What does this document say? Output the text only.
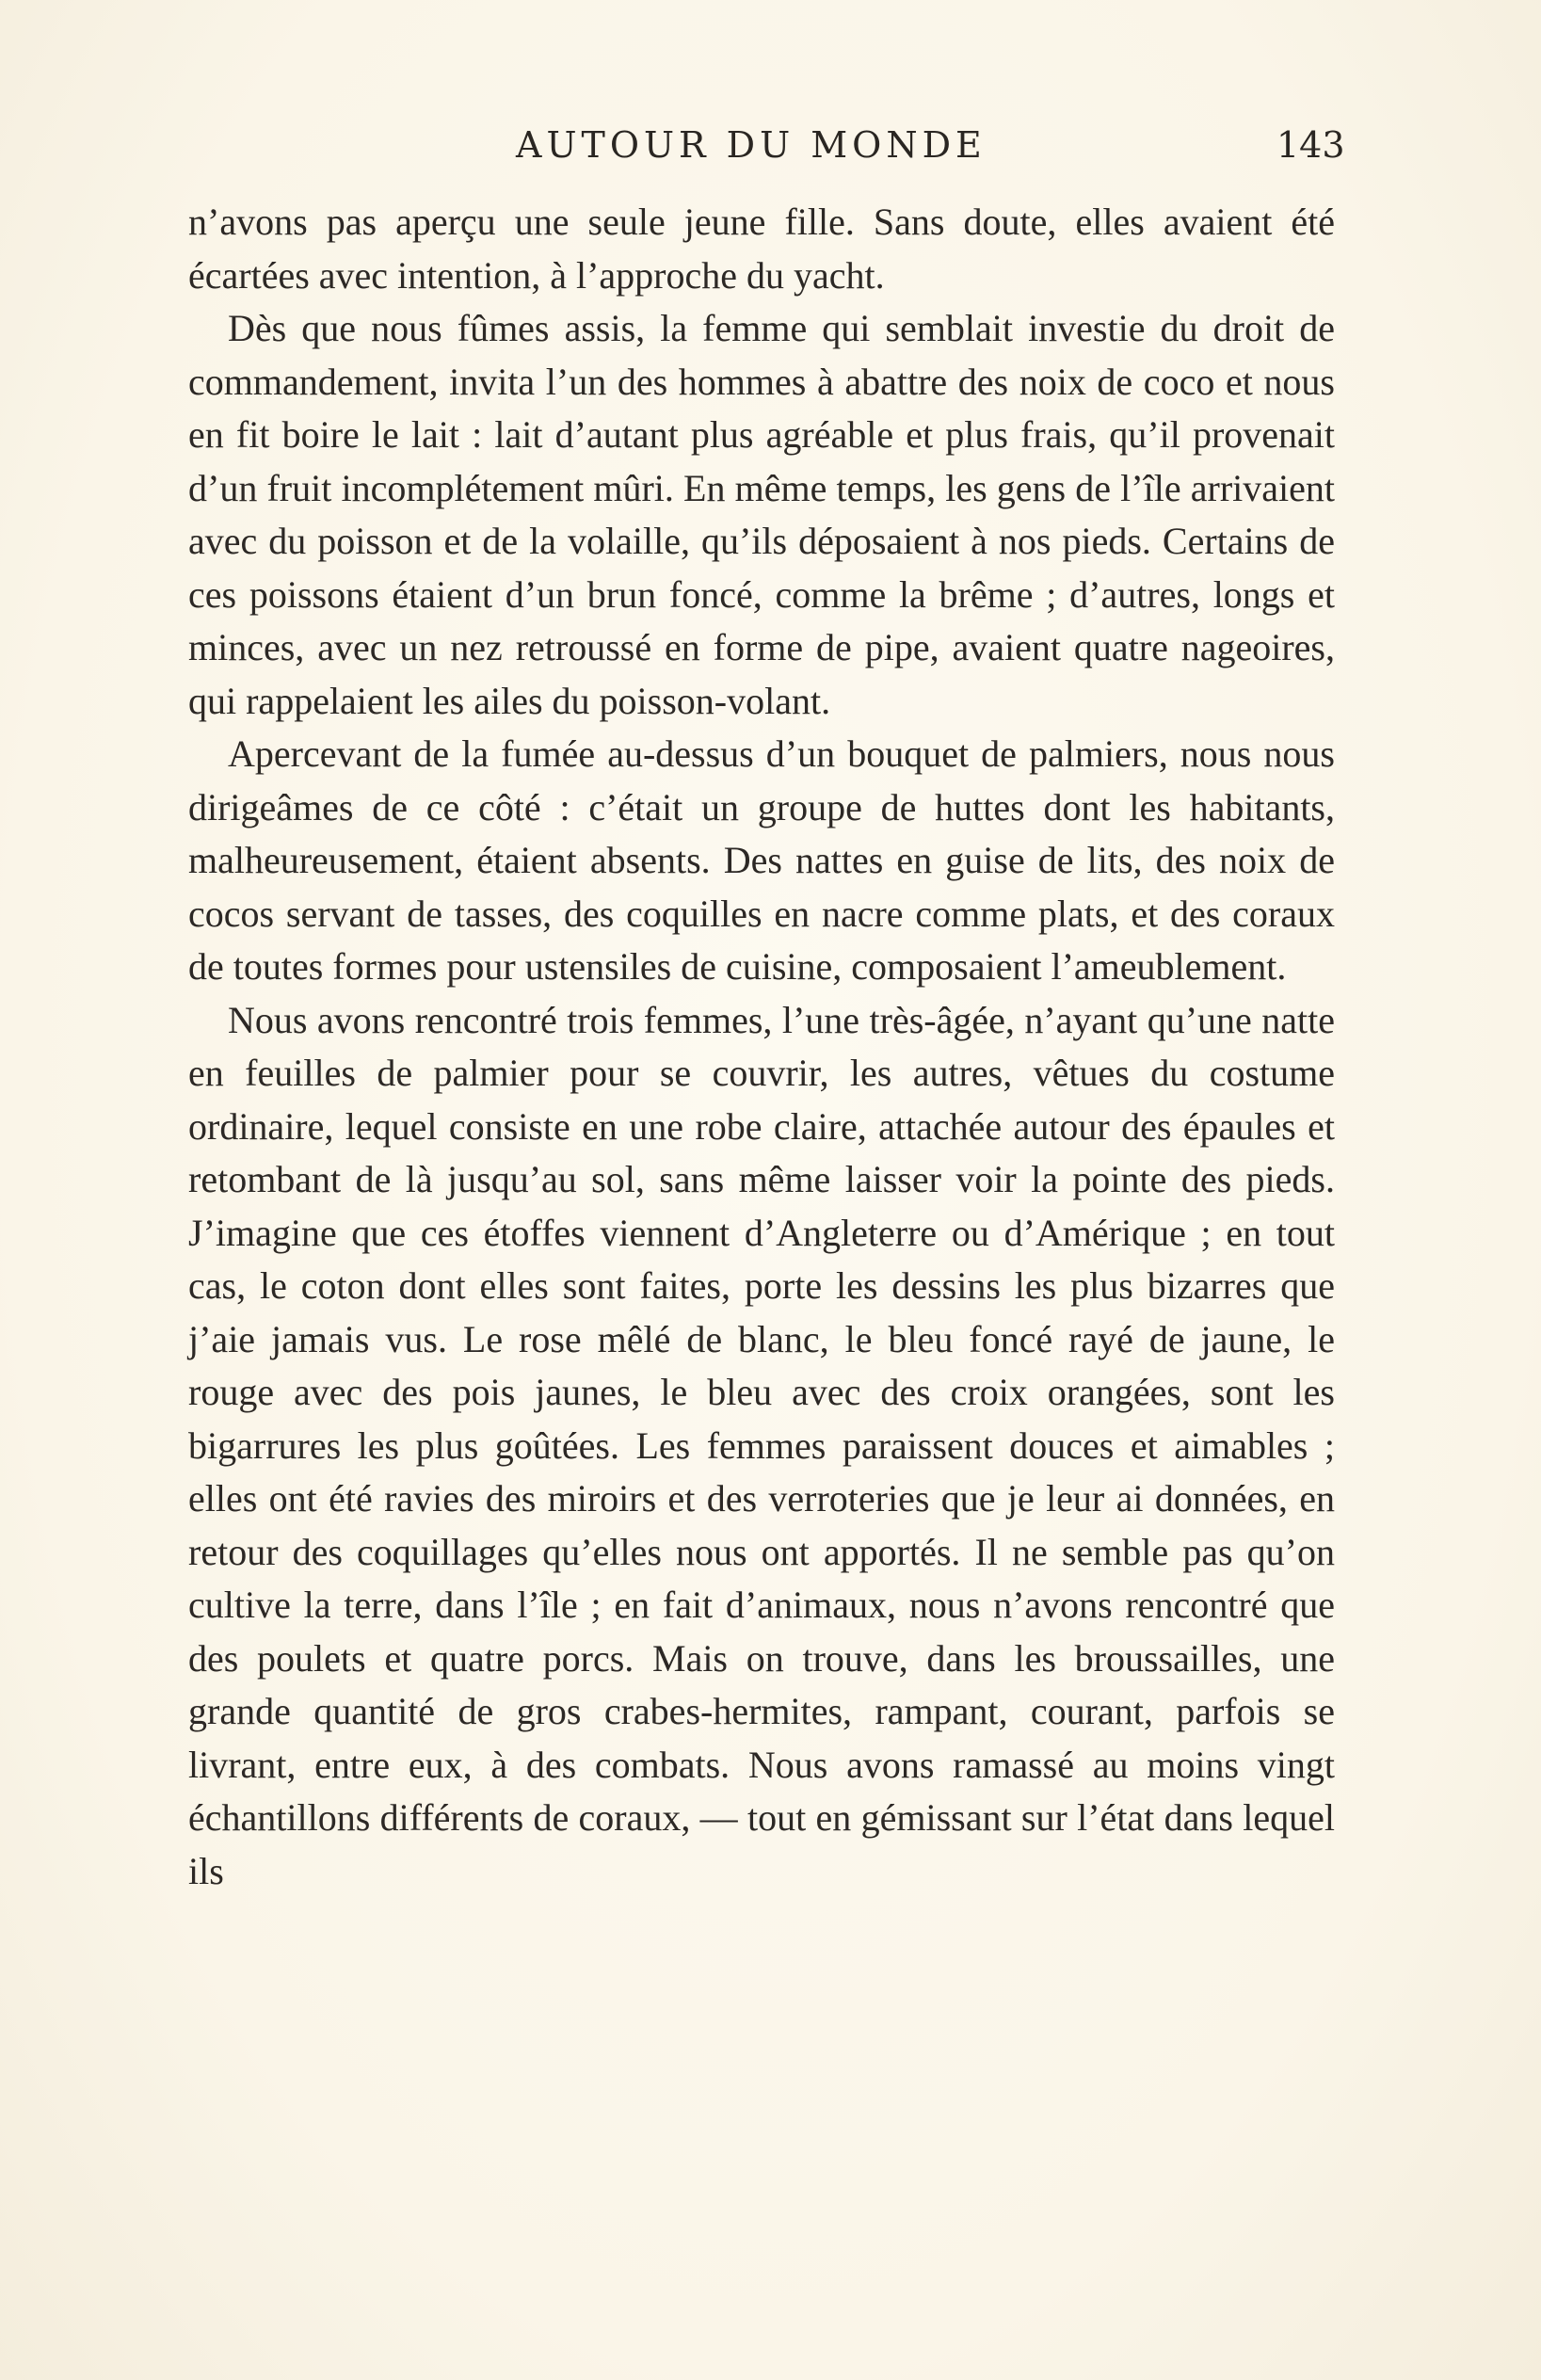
AUTOUR DU MONDE	143

n’avons pas aperçu une seule jeune fille. Sans doute, elles avaient été écartées avec intention, à l’approche du yacht.

Dès que nous fûmes assis, la femme qui semblait investie du droit de commandement, invita l’un des hommes à abattre des noix de coco et nous en fit boire le lait : lait d’autant plus agréable et plus frais, qu’il provenait d’un fruit incomplétement mûri. En même temps, les gens de l’île arrivaient avec du poisson et de la volaille, qu’ils déposaient à nos pieds. Certains de ces poissons étaient d’un brun foncé, comme la brême ; d’autres, longs et minces, avec un nez retroussé en forme de pipe, avaient quatre nageoires, qui rappelaient les ailes du poisson-volant.

Apercevant de la fumée au-dessus d’un bouquet de palmiers, nous nous dirigeâmes de ce côté : c’était un groupe de huttes dont les habitants, malheureusement, étaient absents. Des nattes en guise de lits, des noix de cocos servant de tasses, des coquilles en nacre comme plats, et des coraux de toutes formes pour ustensiles de cuisine, composaient l’ameublement.

Nous avons rencontré trois femmes, l’une très-âgée, n’ayant qu’une natte en feuilles de palmier pour se couvrir, les autres, vêtues du costume ordinaire, lequel consiste en une robe claire, attachée autour des épaules et retombant de là jusqu’au sol, sans même laisser voir la pointe des pieds. J’imagine que ces étoffes viennent d’Angleterre ou d’Amérique ; en tout cas, le coton dont elles sont faites, porte les dessins les plus bizarres que j’aie jamais vus. Le rose mêlé de blanc, le bleu foncé rayé de jaune, le rouge avec des pois jaunes, le bleu avec des croix orangées, sont les bigarrures les plus goûtées. Les femmes paraissent douces et aimables ; elles ont été ravies des miroirs et des verroteries que je leur ai données, en retour des coquillages qu’elles nous ont apportés. Il ne semble pas qu’on cultive la terre, dans l’île ; en fait d’animaux, nous n’avons rencontré que des poulets et quatre porcs. Mais on trouve, dans les broussailles, une grande quantité de gros crabes-hermites, rampant, courant, parfois se livrant, entre eux, à des combats. Nous avons ramassé au moins vingt échantillons différents de coraux, — tout en gémissant sur l’état dans lequel ils
